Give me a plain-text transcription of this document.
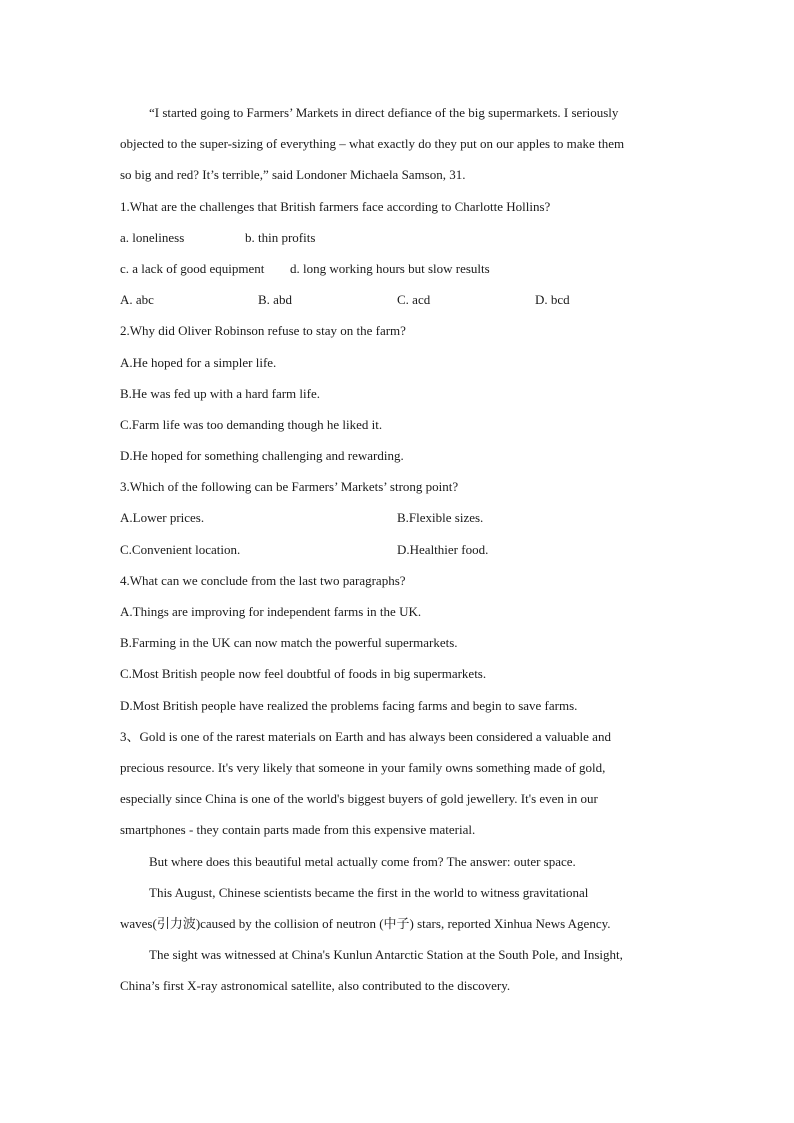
“I started going to Farmers’ Markets in direct defiance of the big supermarkets. I seriously
objected to the super-sizing of everything – what exactly do they put on our apples to make them
so big and red? It’s terrible,” said Londoner Michaela Samson, 31.
1.What are the challenges that British farmers face according to Charlotte Hollins?
a. loneliness	b. thin profits
c. a lack of good equipment d. long working hours but slow results
A. abc	B. abd	C. acd	D. bcd
2.Why did Oliver Robinson refuse to stay on the farm?
A.He hoped for a simpler life.
B.He was fed up with a hard farm life.
C.Farm life was too demanding though he liked it.
D.He hoped for something challenging and rewarding.
3.Which of the following can be Farmers’ Markets’ strong point?
A.Lower prices.	B.Flexible sizes.
C.Convenient location.	D.Healthier food.
4.What can we conclude from the last two paragraphs?
A.Things are improving for independent farms in the UK.
B.Farming in the UK can now match the powerful supermarkets.
C.Most British people now feel doubtful of foods in big supermarkets.
D.Most British people have realized the problems facing farms and begin to save farms.
3、Gold is one of the rarest materials on Earth and has always been considered a valuable and
precious resource. It's very likely that someone in your family owns something made of gold,
especially since China is one of the world's biggest buyers of gold jewellery. It's even in our
smartphones - they contain parts made from this expensive material.
But where does this beautiful metal actually come from? The answer: outer space.
This August, Chinese scientists became the first in the world to witness gravitational
waves(引力波)caused by the collision of neutron (中子) stars, reported Xinhua News Agency.
The sight was witnessed at China's Kunlun Antarctic Station at the South Pole, and Insight,
China’s first X-ray astronomical satellite, also contributed to the discovery.
